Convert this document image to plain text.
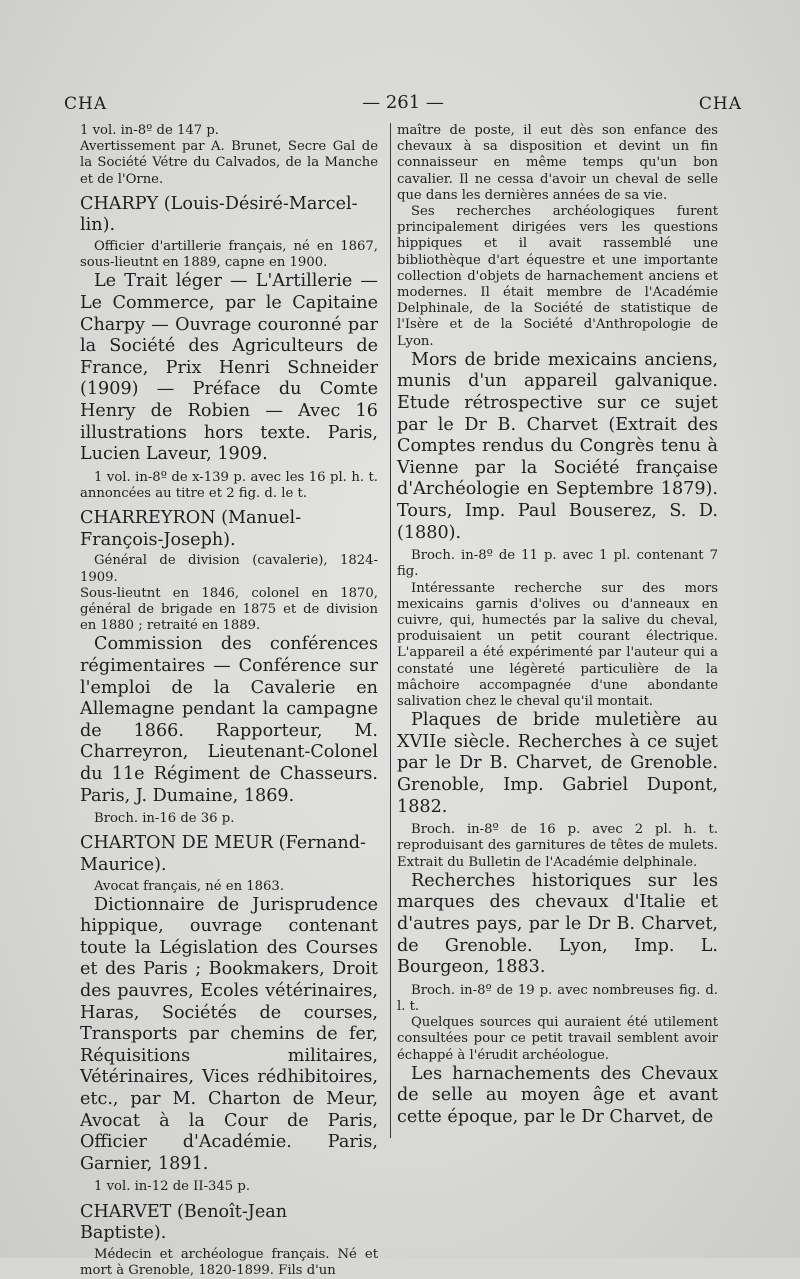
CHA	— 261 —	CHA

1 vol. in-8º de 147 p.

Avertissement par A. Brunet, Secre Gal de la Société Vétre du Calvados, de la Manche et de l'Orne.

CHARPY (Louis-Désiré-Marcel-lin).

Officier d'artillerie français, né en 1867, sous-lieutnt en 1889, capne en 1900.

Le Trait léger — L'Artillerie — Le Commerce, par le Capitaine Charpy — Ouvrage couronné par la Société des Agriculteurs de France, Prix Henri Schneider (1909) — Préface du Comte Henry de Robien — Avec 16 illustrations hors texte. Paris, Lucien Laveur, 1909.

1 vol. in-8º de x-139 p. avec les 16 pl. h. t. annoncées au titre et 2 fig. d. le t.

CHARREYRON (Manuel-François-Joseph).

Général de division (cavalerie), 1824-1909.

Sous-lieutnt en 1846, colonel en 1870, général de brigade en 1875 et de division en 1880 ; retraité en 1889.

Commission des conférences régimentaires — Conférence sur l'emploi de la Cavalerie en Allemagne pendant la campagne de 1866. Rapporteur, M. Charreyron, Lieutenant-Colonel du 11e Régiment de Chasseurs. Paris, J. Dumaine, 1869.

Broch. in-16 de 36 p.

CHARTON DE MEUR (Fernand-Maurice).

Avocat français, né en 1863.

Dictionnaire de Jurisprudence hippique, ouvrage contenant toute la Législation des Courses et des Paris ; Bookmakers, Droit des pauvres, Ecoles vétérinaires, Haras, Sociétés de courses, Transports par chemins de fer, Réquisitions militaires, Vétérinaires, Vices rédhibitoires, etc., par M. Charton de Meur, Avocat à la Cour de Paris, Officier d'Académie. Paris, Garnier, 1891.

1 vol. in-12 de II-345 p.

CHARVET (Benoît-Jean Baptiste).

Médecin et archéologue français. Né et mort à Grenoble, 1820-1899. Fils d'un

maître de poste, il eut dès son enfance des chevaux à sa disposition et devint un fin connaisseur en même temps qu'un bon cavalier. Il ne cessa d'avoir un cheval de selle que dans les dernières années de sa vie.

Ses recherches archéologiques furent principalement dirigées vers les questions hippiques et il avait rassemblé une bibliothèque d'art équestre et une importante collection d'objets de harnachement anciens et modernes. Il était membre de l'Académie Delphinale, de la Société de statistique de l'Isère et de la Société d'Anthropologie de Lyon.

Mors de bride mexicains anciens, munis d'un appareil galvanique. Etude rétrospective sur ce sujet par le Dr B. Charvet (Extrait des Comptes rendus du Congrès tenu à Vienne par la Société française d'Archéologie en Septembre 1879). Tours, Imp. Paul Bouserez, S. D. (1880).

Broch. in-8º de 11 p. avec 1 pl. contenant 7 fig.

Intéressante recherche sur des mors mexicains garnis d'olives ou d'anneaux en cuivre, qui, humectés par la salive du cheval, produisaient un petit courant électrique. L'appareil a été expérimenté par l'auteur qui a constaté une légèreté particulière de la mâchoire accompagnée d'une abondante salivation chez le cheval qu'il montait.

Plaques de bride muletière au XVIIe siècle. Recherches à ce sujet par le Dr B. Charvet, de Grenoble. Grenoble, Imp. Gabriel Dupont, 1882.

Broch. in-8º de 16 p. avec 2 pl. h. t. reproduisant des garnitures de têtes de mulets. Extrait du Bulletin de l'Académie delphinale.

Recherches historiques sur les marques des chevaux d'Italie et d'autres pays, par le Dr B. Charvet, de Grenoble. Lyon, Imp. L. Bourgeon, 1883.

Broch. in-8º de 19 p. avec nombreuses fig. d. l. t.

Quelques sources qui auraient été utilement consultées pour ce petit travail semblent avoir échappé à l'érudit archéologue.

Les harnachements des Chevaux de selle au moyen âge et avant cette époque, par le Dr Charvet, de
